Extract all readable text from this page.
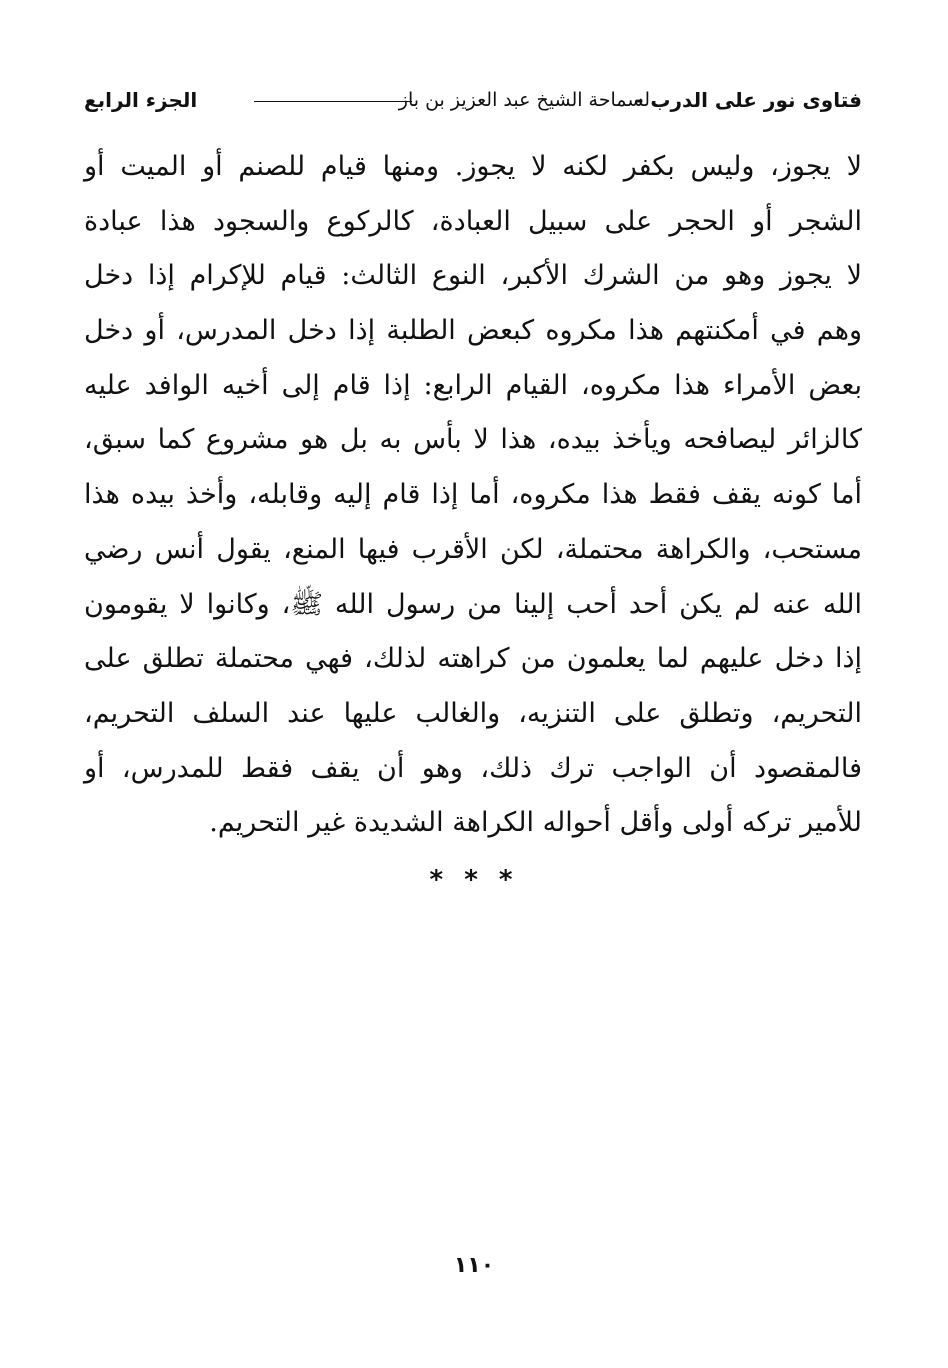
فتاوى نور على الدرب -
لسماحة الشيخ عبد العزيز بن باز
الجزء الرابع
لا يجوز، وليس بكفر لكنه لا يجوز. ومنها قيام للصنم أو الميت أو
الشجر أو الحجر على سبيل العبادة، كالركوع والسجود هذا عبادة
لا يجوز وهو من الشرك الأكبر، النوع الثالث: قيام للإكرام إذا دخل
وهم في أمكنتهم هذا مكروه كبعض الطلبة إذا دخل المدرس، أو دخل
بعض الأمراء هذا مكروه، القيام الرابع: إذا قام إلى أخيه الوافد عليه
كالزائر ليصافحه ويأخذ بيده، هذا لا بأس به بل هو مشروع كما سبق،
أما كونه يقف فقط هذا مكروه، أما إذا قام إليه وقابله، وأخذ بيده هذا
مستحب، والكراهة محتملة، لكن الأقرب فيها المنع، يقول أنس رضي
الله عنه لم يكن أحد أحب إلينا من رسول الله ﷺ، وكانوا لا يقومون
إذا دخل عليهم لما يعلمون من كراهته لذلك، فهي محتملة تطلق على
التحريم، وتطلق على التنزيه، والغالب عليها عند السلف التحريم،
فالمقصود أن الواجب ترك ذلك، وهو أن يقف فقط للمدرس، أو
للأمير تركه أولى وأقل أحواله الكراهة الشديدة غير التحريم.
* * *
١١٠
